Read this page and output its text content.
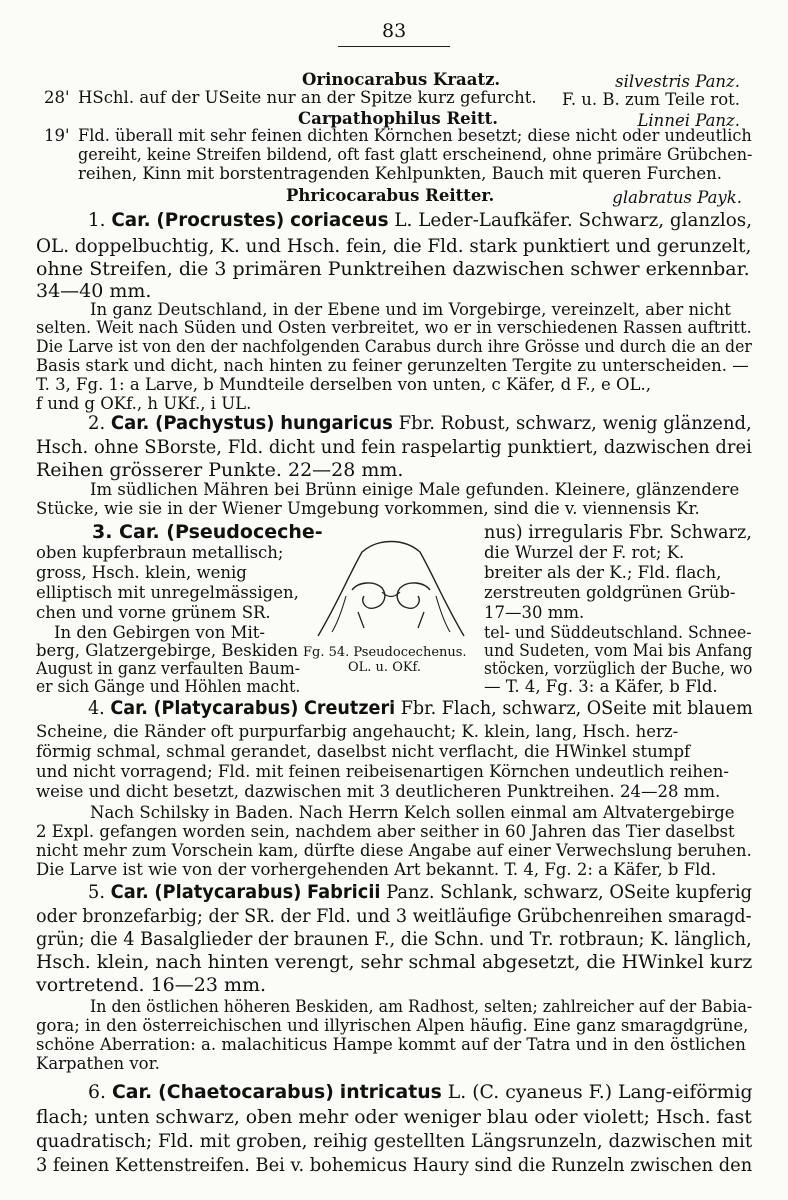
83
Orinocarabus Kraatz.	silvestris Panz.
28' HSchl. auf der USeite nur an der Spitze kurz gefurcht. F. u. B. zum Teile rot.
Carpathophilus Reitt.	Linnei Panz.
19' Fld. überall mit sehr feinen dichten Körnchen besetzt; diese nicht oder undeutlich
gereiht, keine Streifen bildend, oft fast glatt erscheinend, ohne primäre Grübchen-
reihen, Kinn mit borstentragenden Kehlpunkten, Bauch mit queren Furchen.
Phricocarabus Reitter.	glabratus Payk.
1. Car. (Procrustes) coriaceus L. Leder-Laufkäfer. Schwarz, glanzlos,
OL. doppelbuchtig, K. und Hsch. fein, die Fld. stark punktiert und gerunzelt,
ohne Streifen, die 3 primären Punktreihen dazwischen schwer erkennbar.
34—40 mm.
In ganz Deutschland, in der Ebene und im Vorgebirge, vereinzelt, aber nicht
selten. Weit nach Süden und Osten verbreitet, wo er in verschiedenen Rassen auftritt.
Die Larve ist von den der nachfolgenden Carabus durch ihre Grösse und durch die an der
Basis stark und dicht, nach hinten zu feiner gerunzelten Tergite zu unterscheiden. —
T. 3, Fg. 1: a Larve, b Mundteile derselben von unten, c Käfer, d F., e OL.,
f und g OKf., h UKf., i UL.
2. Car. (Pachystus) hungaricus Fbr. Robust, schwarz, wenig glänzend,
Hsch. ohne SBorste, Fld. dicht und fein raspelartig punktiert, dazwischen drei
Reihen grösserer Punkte. 22—28 mm.
Im südlichen Mähren bei Brünn einige Male gefunden. Kleinere, glänzendere
Stücke, wie sie in der Wiener Umgebung vorkommen, sind die v. viennensis Kr.
3. Car. (Pseudoceche-	nus) irregularis Fbr. Schwarz,
oben kupferbraun metallisch;
gross, Hsch. klein, wenig
elliptisch mit unregelmässigen,
chen und vorne grünem SR.
In den Gebirgen von Mit-
berg, Glatzergebirge, Beskiden
August in ganz verfaulten Baum-
er sich Gänge und Höhlen macht.
die Wurzel der F. rot; K.
breiter als der K.; Fld. flach,
zerstreuten goldgrünen Grüb-
17—30 mm.
tel- und Süddeutschland. Schnee-
und Sudeten, vom Mai bis Anfang
stöcken, vorzüglich der Buche, wo
— T. 4, Fg. 3: a Käfer, b Fld.
Fg. 54. Pseudocechenus.
OL. u. OKf.
4. Car. (Platycarabus) Creutzeri Fbr. Flach, schwarz, OSeite mit blauem
Scheine, die Ränder oft purpurfarbig angehaucht; K. klein, lang, Hsch. herz-
förmig schmal, schmal gerandet, daselbst nicht verflacht, die HWinkel stumpf
und nicht vorragend; Fld. mit feinen reibeisenartigen Körnchen undeutlich reihen-
weise und dicht besetzt, dazwischen mit 3 deutlicheren Punktreihen. 24—28 mm.
Nach Schilsky in Baden. Nach Herrn Kelch sollen einmal am Altvatergebirge
2 Expl. gefangen worden sein, nachdem aber seither in 60 Jahren das Tier daselbst
nicht mehr zum Vorschein kam, dürfte diese Angabe auf einer Verwechslung beruhen.
Die Larve ist wie von der vorhergehenden Art bekannt. T. 4, Fg. 2: a Käfer, b Fld.
5. Car. (Platycarabus) Fabricii Panz. Schlank, schwarz, OSeite kupferig
oder bronzefarbig; der SR. der Fld. und 3 weitläufige Grübchenreihen smaragd-
grün; die 4 Basalglieder der braunen F., die Schn. und Tr. rotbraun; K. länglich,
Hsch. klein, nach hinten verengt, sehr schmal abgesetzt, die HWinkel kurz
vortretend. 16—23 mm.
In den östlichen höheren Beskiden, am Radhost, selten; zahlreicher auf der Babia-
gora; in den österreichischen und illyrischen Alpen häufig. Eine ganz smaragdgrüne,
schöne Aberration: a. malachiticus Hampe kommt auf der Tatra und in den östlichen
Karpathen vor.
6. Car. (Chaetocarabus) intricatus L. (C. cyaneus F.) Lang-eiförmig
flach; unten schwarz, oben mehr oder weniger blau oder violett; Hsch. fast
quadratisch; Fld. mit groben, reihig gestellten Längsrunzeln, dazwischen mit
3 feinen Kettenstreifen. Bei v. bohemicus Haury sind die Runzeln zwischen den
